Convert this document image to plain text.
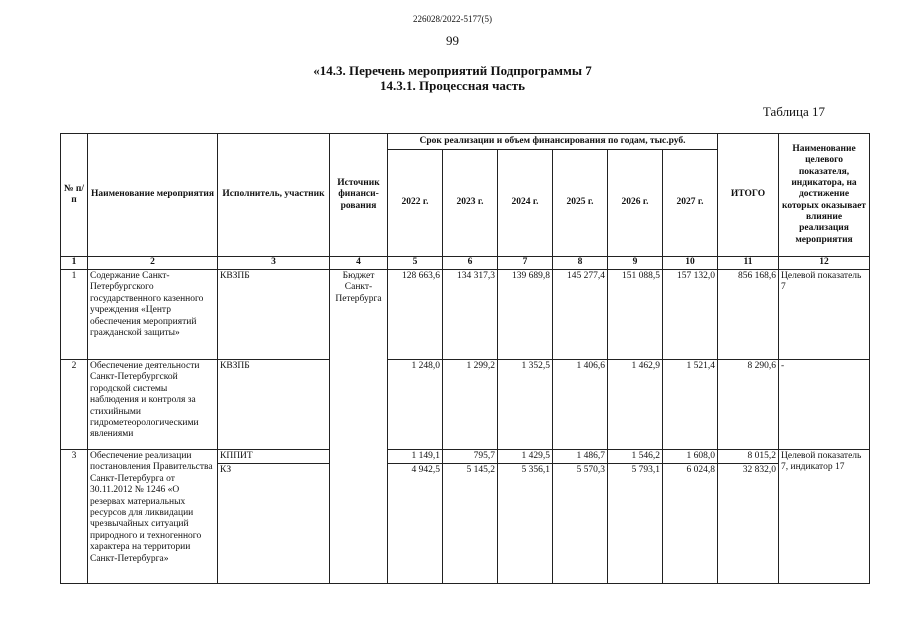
226028/2022-5177(5)
99
«14.3. Перечень мероприятий Подпрограммы 7
14.3.1. Процессная часть
Таблица 17
№ п/п	Наименование мероприятия	Исполнитель, участник	Источник финанси-рования	Срок реализации и объем финансирования по годам, тыс.руб.						ИТОГО	Наименование целевого показателя, индикатора, на достижение которых оказывает влияние реализация мероприятия
				2022 г.	2023 г.	2024 г.	2025 г.	2026 г.	2027 г.		
1	2	3	4	5	6	7	8	9	10	11	12
1	Содержание Санкт-Петербургского государственного казенного учреждения «Центр обеспечения мероприятий гражданской защиты»	КВЗПБ	Бюджет Санкт-Петербурга	128 663,6	134 317,3	139 689,8	145 277,4	151 088,5	157 132,0	856 168,6	Целевой показатель 7
2	Обеспечение деятельности Санкт-Петербургской городской системы наблюдения и контроля за стихийными гидрометеорологическими явлениями	КВЗПБ		1 248,0	1 299,2	1 352,5	1 406,6	1 462,9	1 521,4	8 290,6	-
3	Обеспечение реализации постановления Правительства Санкт-Петербурга от 30.11.2012 № 1246 «О резервах материальных ресурсов для ликвидации чрезвычайных ситуаций природного и техногенного характера на территории Санкт-Петербурга»	КППИТ		1 149,1	795,7	1 429,5	1 486,7	1 546,2	1 608,0	8 015,2	Целевой показатель 7, индикатор 17
		КЗ		4 942,5	5 145,2	5 356,1	5 570,3	5 793,1	6 024,8	32 832,0	
